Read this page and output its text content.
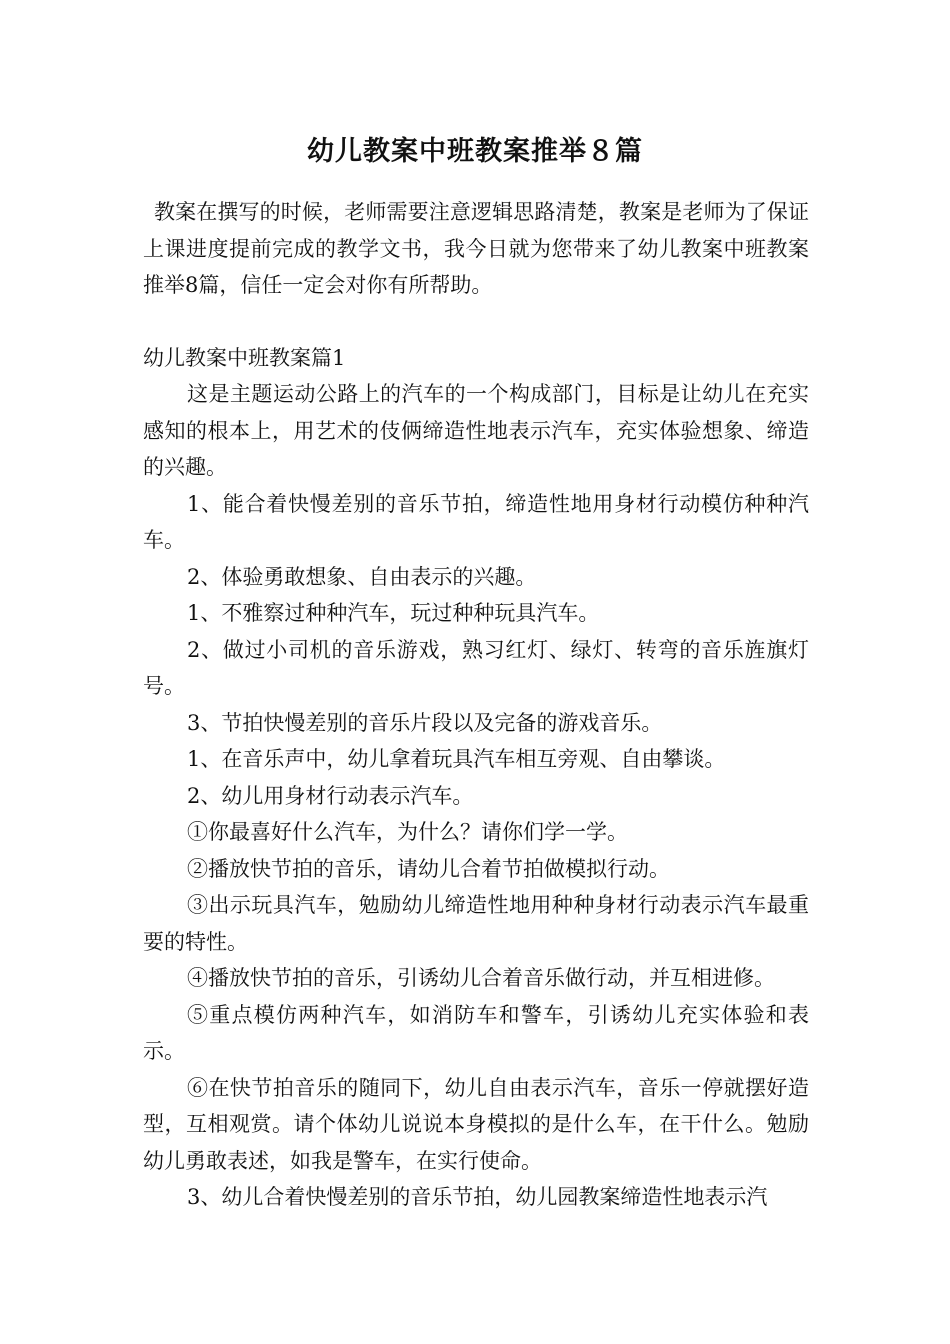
幼儿教案中班教案推举８篇

教案在撰写的时候，老师需要注意逻辑思路清楚，教案是老师为了保证上课进度提前完成的教学文书，我今日就为您带来了幼儿教案中班教案推举8篇，信任一定会对你有所帮助。

幼儿教案中班教案篇1

这是主题运动公路上的汽车的一个构成部门，目标是让幼儿在充实感知的根本上，用艺术的伎俩缔造性地表示汽车，充实体验想象、缔造的兴趣。

1、能合着快慢差别的音乐节拍，缔造性地用身材行动模仿种种汽车。

2、体验勇敢想象、自由表示的兴趣。

1、不雅察过种种汽车，玩过种种玩具汽车。

2、做过小司机的音乐游戏，熟习红灯、绿灯、转弯的音乐旌旗灯号。

3、节拍快慢差别的音乐片段以及完备的游戏音乐。

1、在音乐声中，幼儿拿着玩具汽车相互旁观、自由攀谈。

2、幼儿用身材行动表示汽车。

①你最喜好什么汽车，为什么？请你们学一学。

②播放快节拍的音乐，请幼儿合着节拍做模拟行动。

③出示玩具汽车，勉励幼儿缔造性地用种种身材行动表示汽车最重要的特性。

④播放快节拍的音乐，引诱幼儿合着音乐做行动，并互相进修。

⑤重点模仿两种汽车，如消防车和警车，引诱幼儿充实体验和表示。

⑥在快节拍音乐的随同下，幼儿自由表示汽车，音乐一停就摆好造型，互相观赏。请个体幼儿说说本身模拟的是什么车，在干什么。勉励幼儿勇敢表述，如我是警车，在实行使命。

3、幼儿合着快慢差别的音乐节拍，幼儿园教案缔造性地表示汽
